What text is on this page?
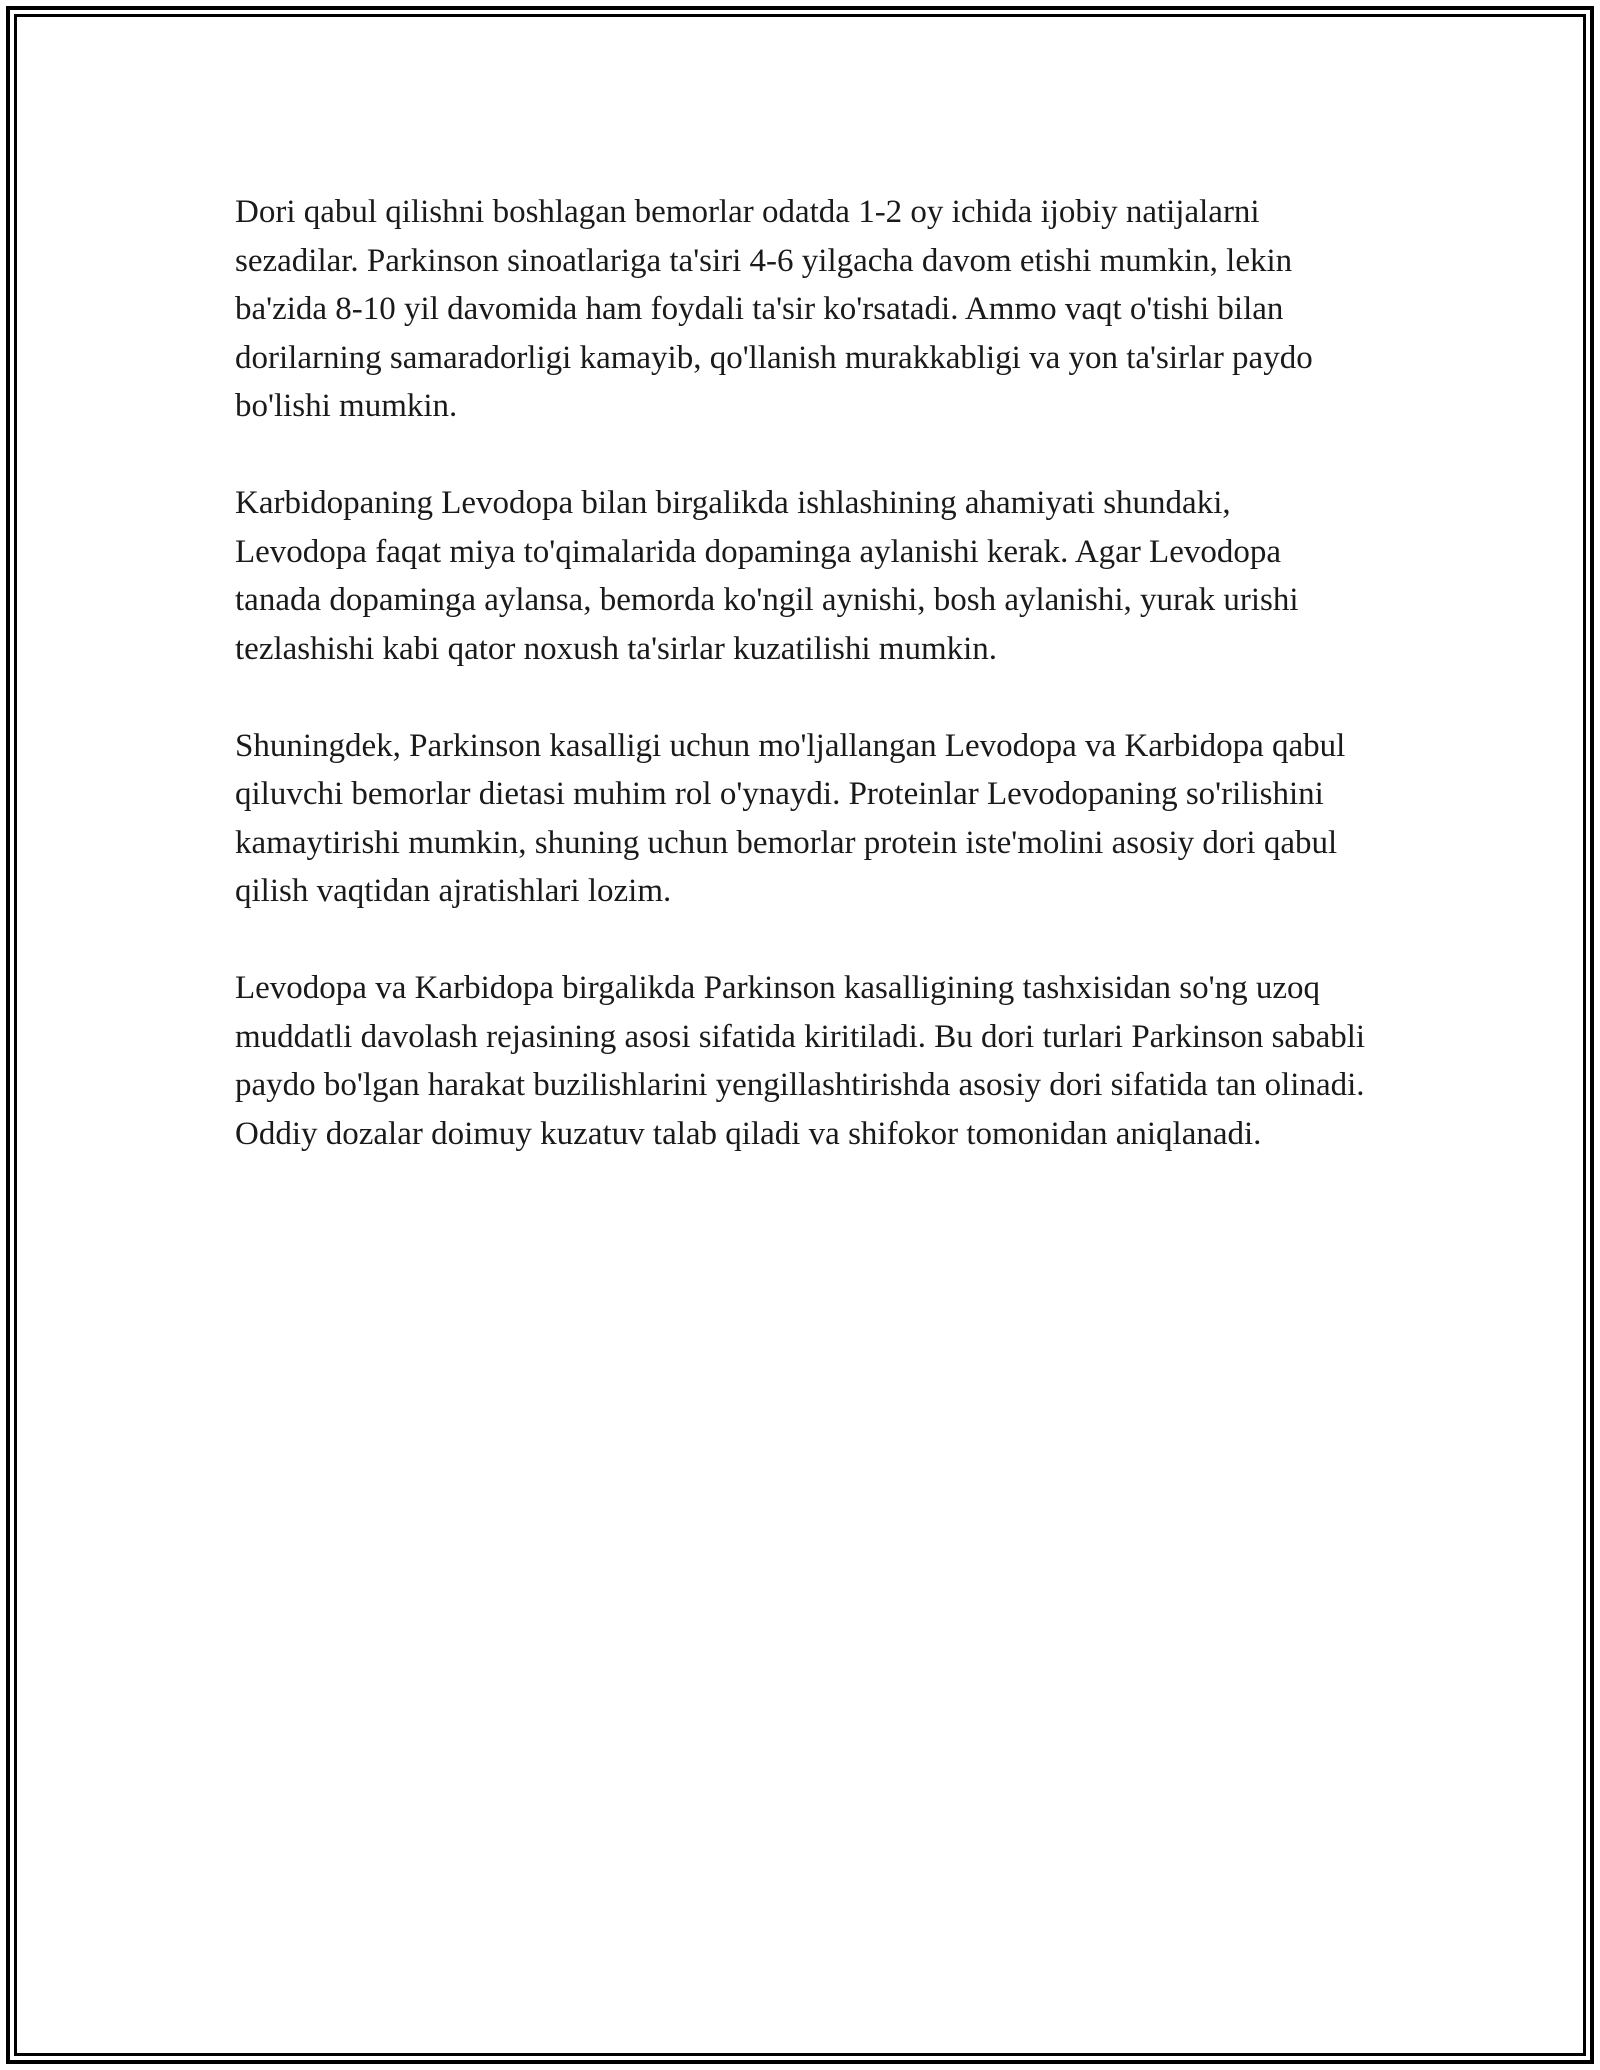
Dori qabul qilishni boshlagan bemorlar odatda 1-2 oy ichida ijobiy natijalarni sezadilar. Parkinson sinoatlariga ta'siri 4-6 yilgacha davom etishi mumkin, lekin ba'zida 8-10 yil davomida ham foydali ta'sir ko'rsatadi. Ammo vaqt o'tishi bilan dorilarning samaradorligi kamayib, qo'llanish murakkabligi va yon ta'sirlar paydo bo'lishi mumkin.

Karbidopaning Levodopa bilan birgalikda ishlashining ahamiyati shundaki, Levodopa faqat miya to'qimalarida dopaminga aylanishi kerak. Agar Levodopa tanada dopaminga aylansa, bemorda ko'ngil aynishi, bosh aylanishi, yurak urishi tezlashishi kabi qator noxush ta'sirlar kuzatilishi mumkin.

Shuningdek, Parkinson kasalligi uchun mo'ljallangan Levodopa va Karbidopa qabul qiluvchi bemorlar dietasi muhim rol o'ynaydi. Proteinlar Levodopaning so'rilishini kamaytirishi mumkin, shuning uchun bemorlar protein iste'molini asosiy dori qabul qilish vaqtidan ajratishlari lozim.

Levodopa va Karbidopa birgalikda Parkinson kasalligining tashxisidan so'ng uzoq muddatli davolash rejasining asosi sifatida kiritiladi. Bu dori turlari Parkinson sababli paydo bo'lgan harakat buzilishlarini yengillashtirishda asosiy dori sifatida tan olinadi. Oddiy dozalar doimuy kuzatuv talab qiladi va shifokor tomonidan aniqlanadi.
